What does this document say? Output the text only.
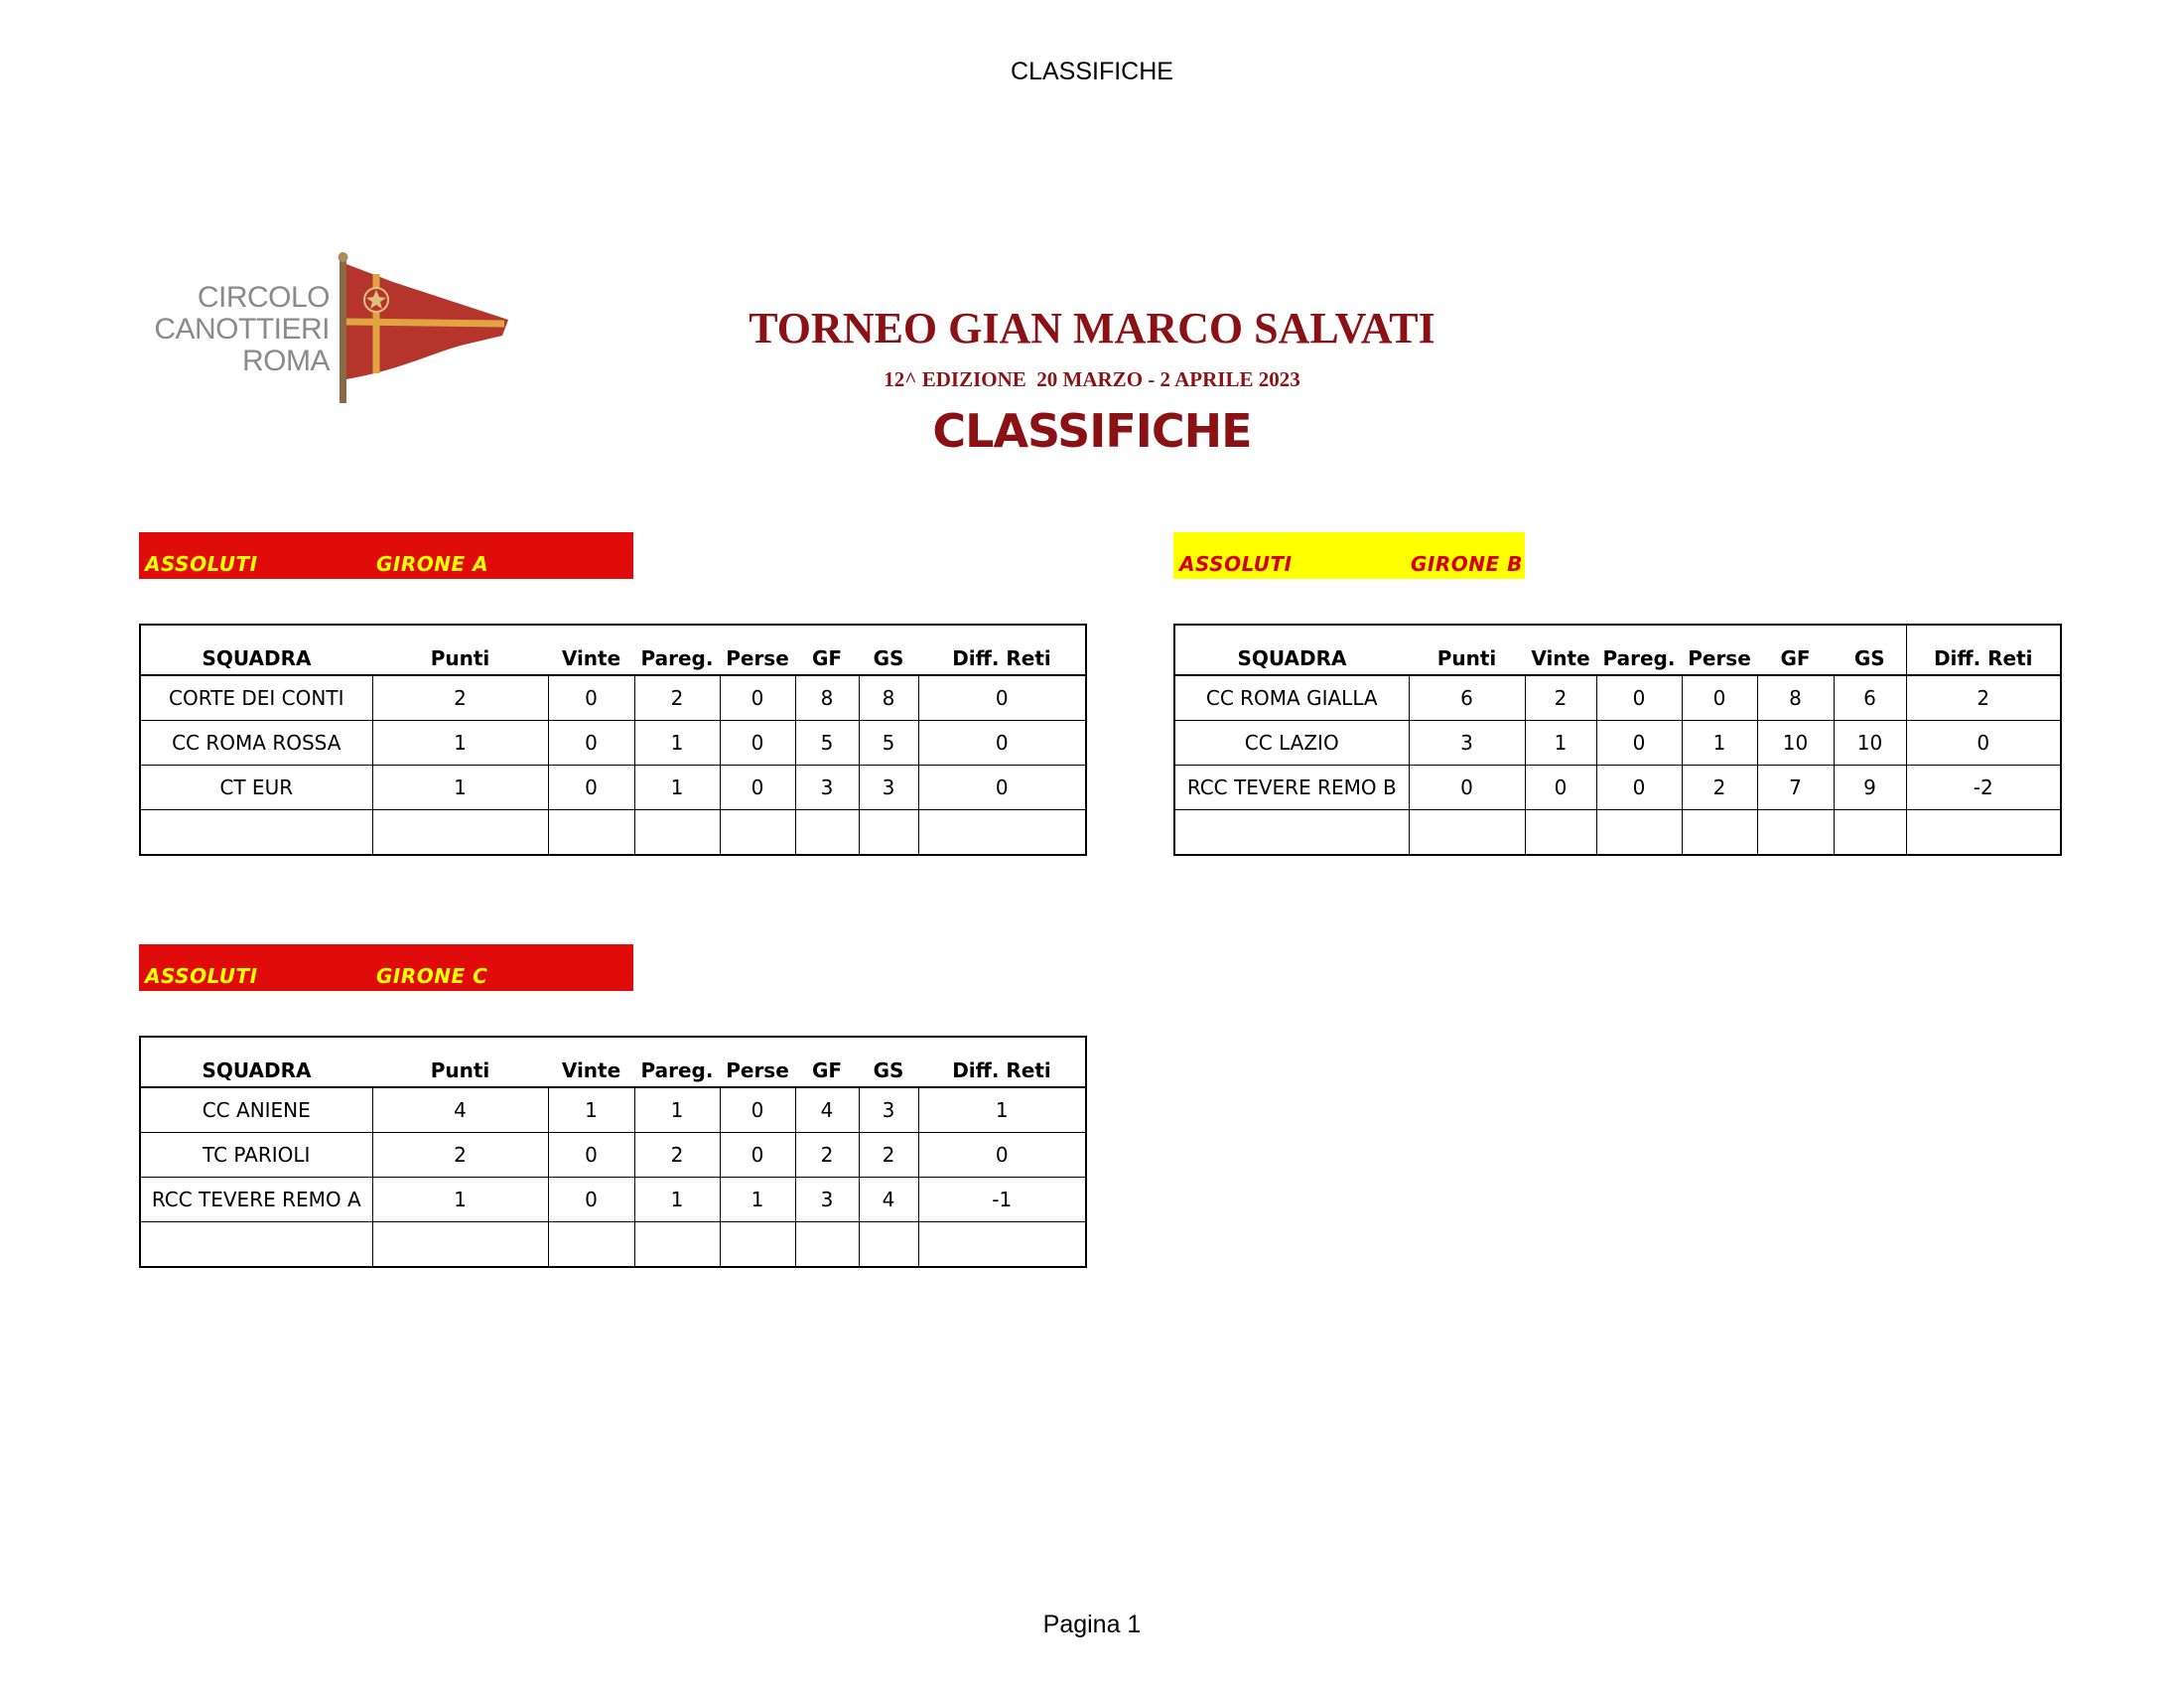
CLASSIFICHE
CIRCOLO
CANOTTIERI
ROMA
TORNEO GIAN MARCO SALVATI
12^ EDIZIONE  20 MARZO - 2 APRILE 2023
CLASSIFICHE
ASSOLUTI	GIRONE A
SQUADRA	Punti	Vinte	Pareg.	Perse	GF	GS	Diff. Reti
CORTE DEI CONTI	2	0	2	0	8	8	0
CC ROMA ROSSA	1	0	1	0	5	5	0
CT EUR	1	0	1	0	3	3	0

ASSOLUTI	GIRONE B
SQUADRA	Punti	Vinte	Pareg.	Perse	GF	GS	Diff. Reti
CC ROMA GIALLA	6	2	0	0	8	6	2
CC LAZIO	3	1	0	1	10	10	0
RCC TEVERE REMO B	0	0	0	2	7	9	-2

ASSOLUTI	GIRONE C
SQUADRA	Punti	Vinte	Pareg.	Perse	GF	GS	Diff. Reti
CC ANIENE	4	1	1	0	4	3	1
TC PARIOLI	2	0	2	0	2	2	0
RCC TEVERE REMO A	1	0	1	1	3	4	-1

Pagina 1
